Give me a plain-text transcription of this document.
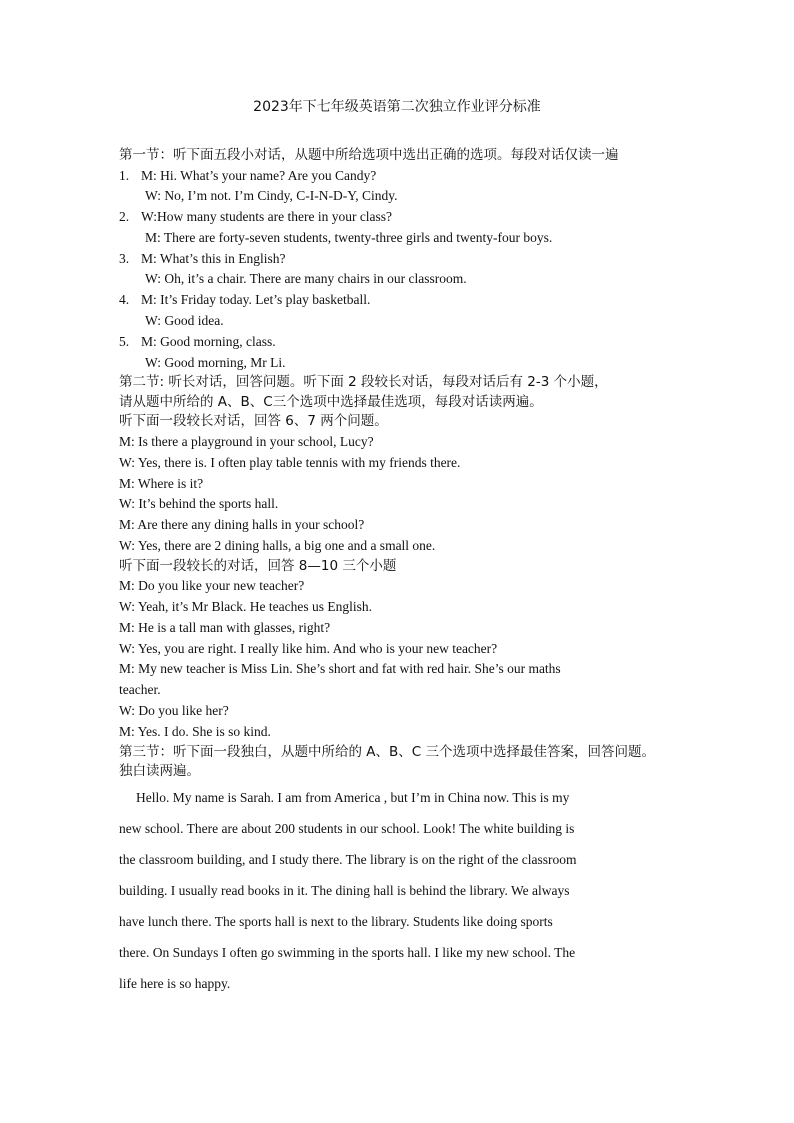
2023年下七年级英语第二次独立作业评分标准
第一节：听下面五段小对话，从题中所给选项中选出正确的选项。每段对话仅读一遍
1. M: Hi. What’s your name? Are you Candy?
W: No, I’m not. I’m Cindy, C-I-N-D-Y, Cindy.
2. W:How many students are there in your class?
M: There are forty-seven students, twenty-three girls and twenty-four boys.
3. M: What’s this in English?
W: Oh, it’s a chair. There are many chairs in our classroom.
4. M: It’s Friday today. Let’s play basketball.
W: Good idea.
5. M: Good morning, class.
W: Good morning, Mr Li.
第二节: 听长对话，回答问题。听下面 2 段较长对话，每段对话后有 2-3 个小题，
请从题中所给的 A、B、C三个选项中选择最佳选项，每段对话读两遍。
听下面一段较长对话，回答 6、7 两个问题。
M: Is there a playground in your school, Lucy?
W: Yes, there is. I often play table tennis with my friends there.
M: Where is it?
W: It’s behind the sports hall.
M: Are there any dining halls in your school?
W: Yes, there are 2 dining halls, a big one and a small one.
听下面一段较长的对话，回答 8—10 三个小题
M: Do you like your new teacher?
W: Yeah, it’s Mr Black. He teaches us English.
M: He is a tall man with glasses, right?
W: Yes, you are right. I really like him. And who is your new teacher?
M: My new teacher is Miss Lin. She’s short and fat with red hair. She’s our maths
teacher.
W: Do you like her?
M: Yes. I do. She is so kind.
第三节：听下面一段独白，从题中所给的 A、B、C 三个选项中选择最佳答案，回答问题。
独白读两遍。
Hello. My name is Sarah. I am from America , but I’m in China now. This is my
new school. There are about 200 students in our school. Look! The white building is
the classroom building, and I study there. The library is on the right of the classroom
building. I usually read books in it. The dining hall is behind the library. We always
have lunch there. The sports hall is next to the library. Students like doing sports
there. On Sundays I often go swimming in the sports hall. I like my new school. The
life here is so happy.
